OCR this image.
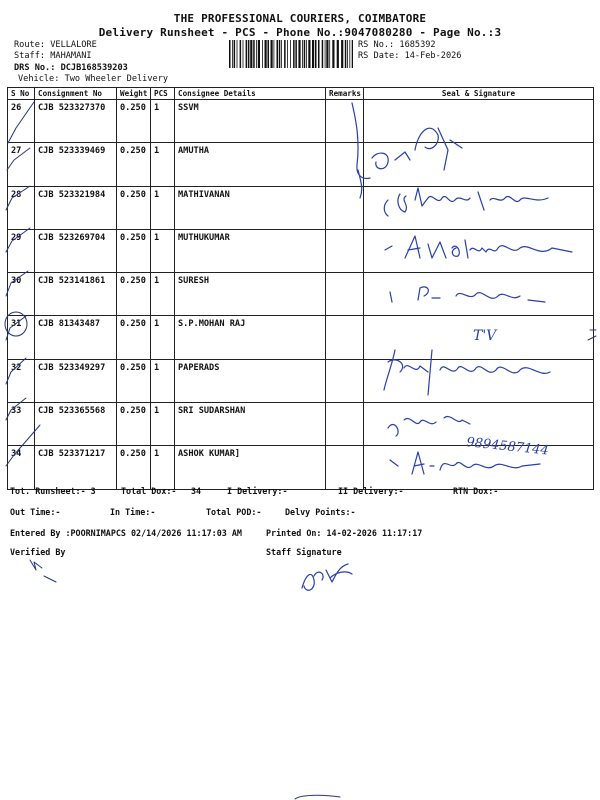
THE PROFESSIONAL COURIERS, COIMBATORE
Delivery Runsheet - PCS - Phone No.:9047080280 - Page No.:3
Route: VELLALORE
Staff: MAHAMANI
DRS No.: DCJB168539203
Vehicle: Two Wheeler Delivery
RS No.: 1685392
RS Date: 14-Feb-2026
S No	Consignment No	Weight	PCS	Consignee Details	Remarks	Seal & Signature
26	CJB 523327370	0.250	1	SSVM		
27	CJB 523339469	0.250	1	AMUTHA		
28	CJB 523321984	0.250	1	MATHIVANAN		
29	CJB 523269704	0.250	1	MUTHUKUMAR		
30	CJB 523141861	0.250	1	SURESH		
31	CJB 81343487	0.250	1	S.P.MOHAN RAJ		
32	CJB 523349297	0.250	1	PAPERADS		
33	CJB 523365568	0.250	1	SRI SUDARSHAN		
34	CJB 523371217	0.250	1	ASHOK KUMAR]		
Tot. Runsheet:- 3	Total Dox:- 34	I Delivery:-	II Delivery:-	RTN Dox:-
Out Time:-	In Time:-	Total POD:-	Delvy Points:-
Entered By :POORNIMAPCS 02/14/2026 11:17:03 AM	Printed On: 14-02-2026 11:17:17
Verified By	Staff Signature
T'V
9894587144
